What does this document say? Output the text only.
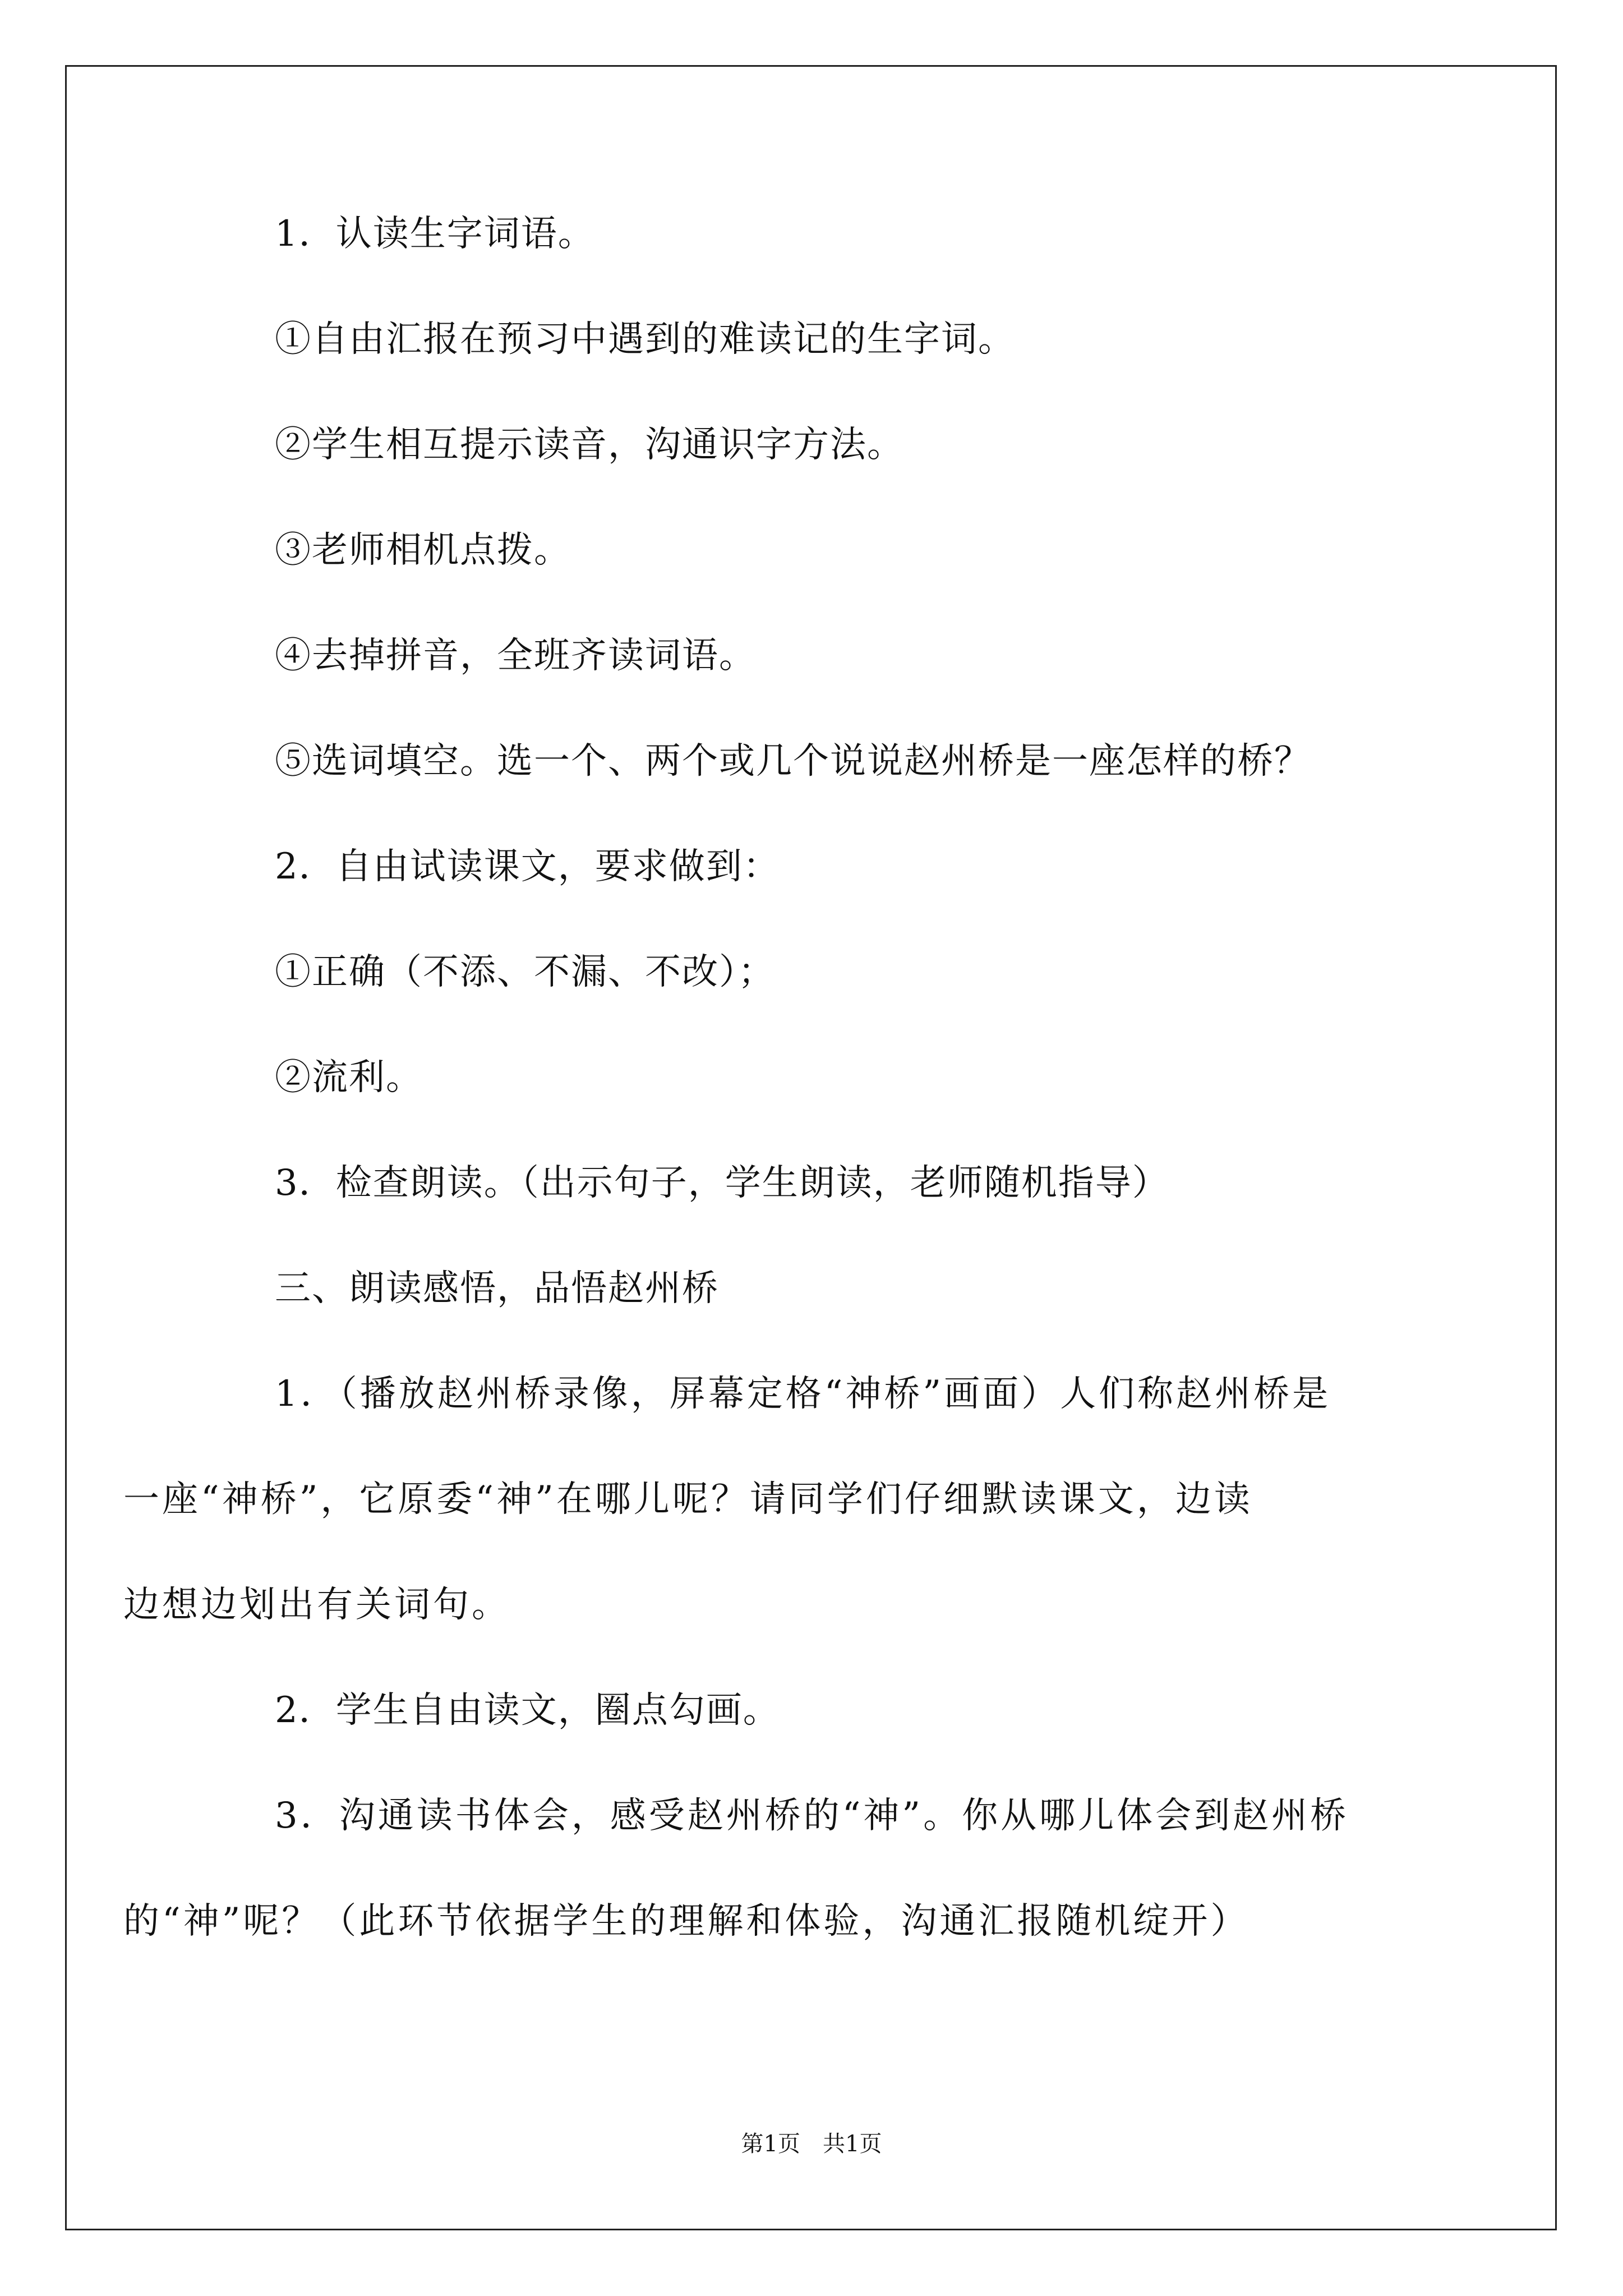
1．认读生字词语。

①自由汇报在预习中遇到的难读记的生字词。

②学生相互提示读音，沟通识字方法。

③老师相机点拨。

④去掉拼音，全班齐读词语。

⑤选词填空。选一个、两个或几个说说赵州桥是一座怎样的桥？

2．自由试读课文，要求做到：

①正确（不添、不漏、不改）；

②流利。

3．检查朗读。（出示句子，学生朗读，老师随机指导）

三、朗读感悟，品悟赵州桥

1．（播放赵州桥录像，屏幕定格“神桥”画面）人们称赵州桥是
一座“神桥”，它原委“神”在哪儿呢？请同学们仔细默读课文，边读
边想边划出有关词句。

2．学生自由读文，圈点勾画。

3．沟通读书体会，感受赵州桥的“神”。你从哪儿体会到赵州桥
的“神”呢？（此环节依据学生的理解和体验，沟通汇报随机绽开）

第1页　共1页
